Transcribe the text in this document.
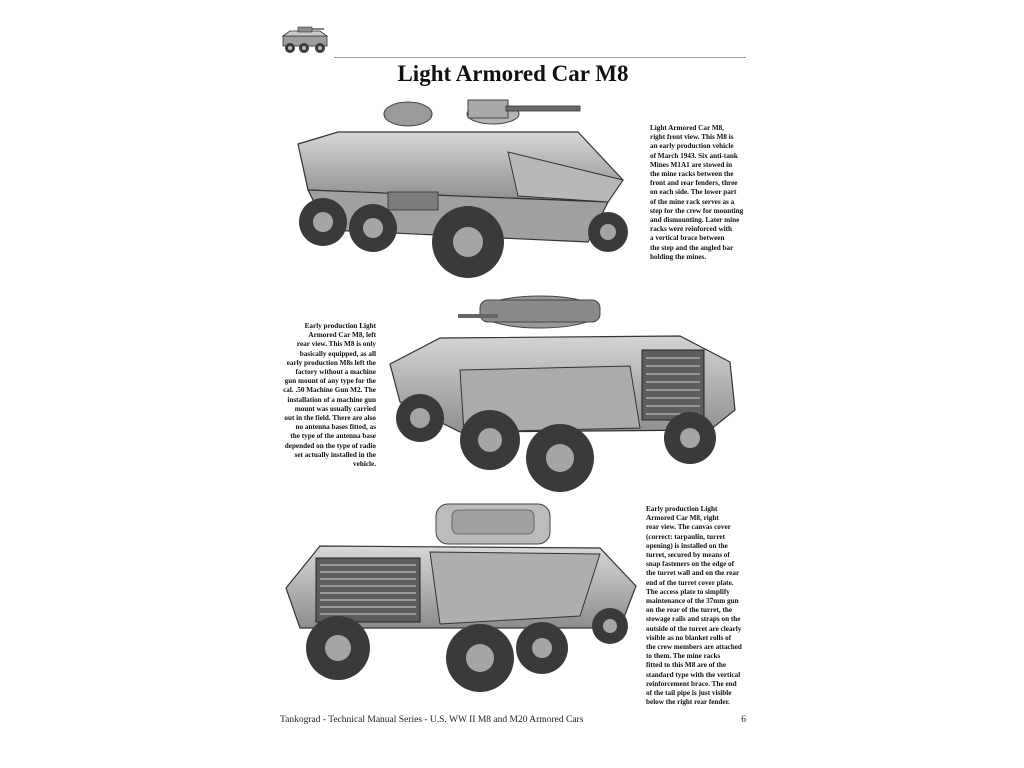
Light Armored Car M8
Light Armored Car M8,
right front view. This M8 is
an early production vehicle
of March 1943. Six anti-tank
Mines M1A1 are stowed in
the mine racks between the
front and rear fenders, three
on each side. The lower part
of the mine rack serves as a
step for the crew for mounting
and dismounting. Later mine
racks were reinforced with
a vertical brace between
the step and the angled bar
holding the mines.
Early production Light
Armored Car M8, left
rear view. This M8 is only
basically equipped, as all
early production M8s left the
factory without a machine
gun mount of any type for the
cal. .50 Machine Gun M2. The
installation of a machine gun
mount was usually carried
out in the field. There are also
no antenna bases fitted, as
the type of the antenna base
depended on the type of radio
set actually installed in the
vehicle.
Early production Light
Armored Car M8, right
rear view. The canvas cover
(correct: tarpaulin, turret
opening) is installed on the
turret, secured by means of
snap fasteners on the edge of
the turret wall and on the rear
end of the turret cover plate.
The access plate to simplify
maintenance of the 37mm gun
on the rear of the turret, the
stowage rails and straps on the
outside of the turret are clearly
visible as no blanket rolls of
the crew members are attached
to them. The mine racks
fitted to this M8 are of the
standard type with the vertical
reinforcement brace. The end
of the tail pipe is just visible
below the right rear fender.
Tankograd - Technical Manual Series - U.S. WW II M8 and M20 Armored Cars	6
